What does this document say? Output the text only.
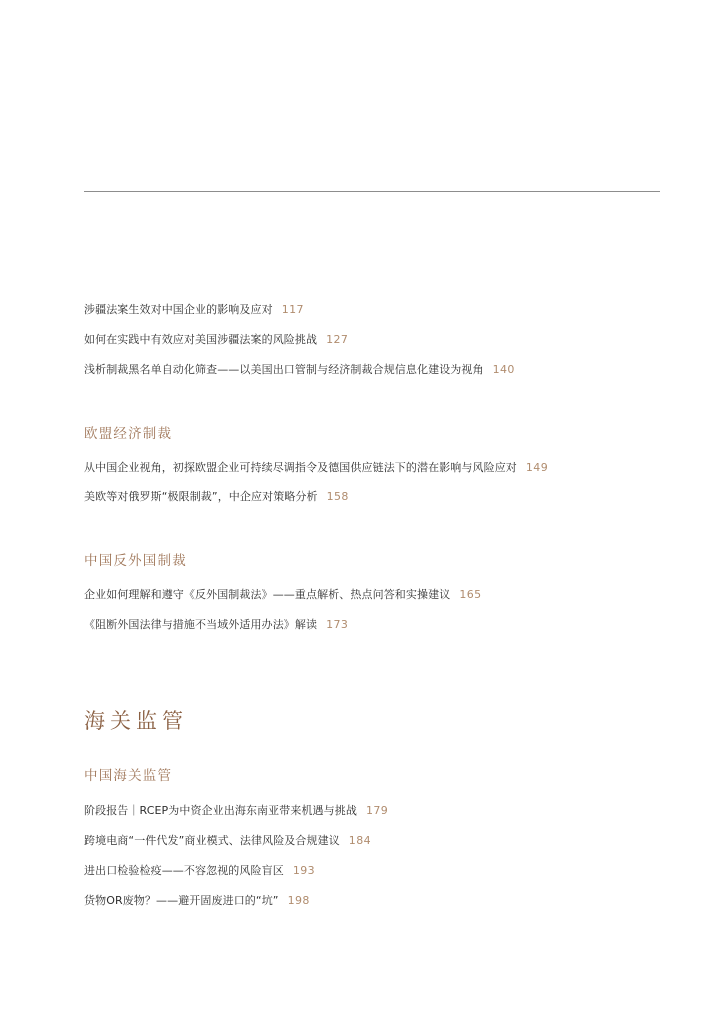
涉疆法案生效对中国企业的影响及应对 117
如何在实践中有效应对美国涉疆法案的风险挑战 127
浅析制裁黑名单自动化筛查——以美国出口管制与经济制裁合规信息化建设为视角 140
欧盟经济制裁
从中国企业视角，初探欧盟企业可持续尽调指令及德国供应链法下的潜在影响与风险应对 149
美欧等对俄罗斯“极限制裁”，中企应对策略分析 158
中国反外国制裁
企业如何理解和遵守《反外国制裁法》——重点解析、热点问答和实操建议 165
《阻断外国法律与措施不当域外适用办法》解读 173
海关监管
中国海关监管
阶段报告｜RCEP为中资企业出海东南亚带来机遇与挑战 179
跨境电商“一件代发”商业模式、法律风险及合规建议 184
进出口检验检疫——不容忽视的风险盲区 193
货物OR废物？——避开固废进口的“坑” 198
